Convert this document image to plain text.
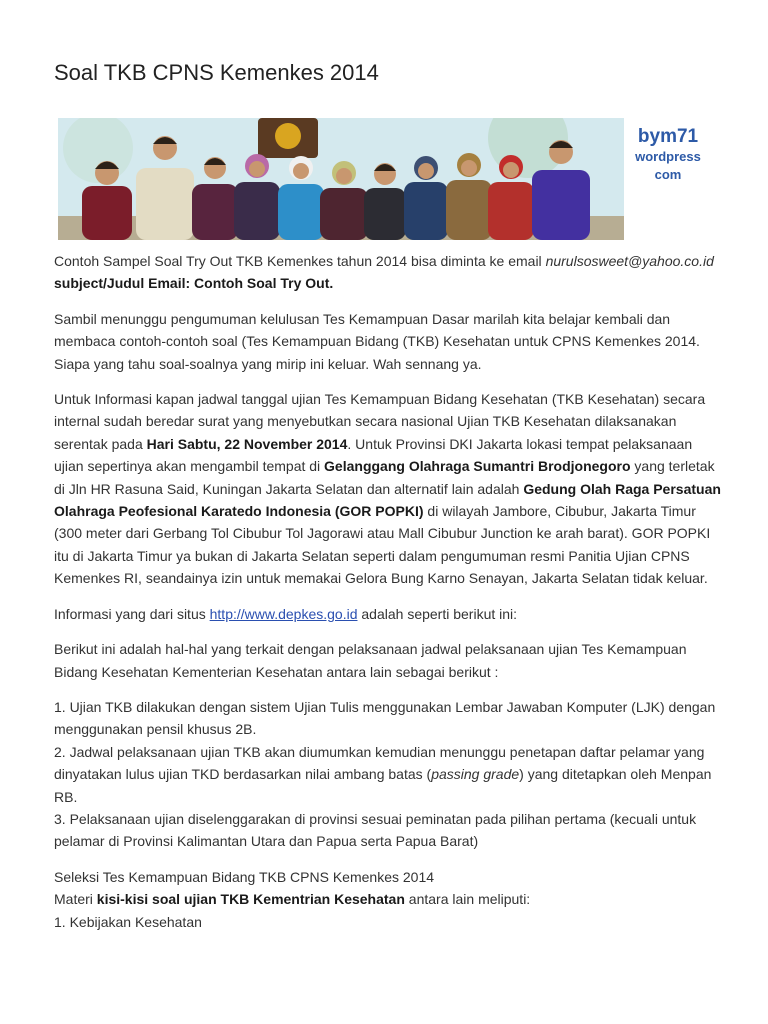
Soal TKB CPNS Kemenkes 2014
bym71
wordpress
com

Contoh Sampel Soal Try Out TKB Kemenkes tahun 2014 bisa diminta ke email nurulsosweet@yahoo.co.id subject/Judul Email: Contoh Soal Try Out.

Sambil menunggu pengumuman kelulusan Tes Kemampuan Dasar marilah kita belajar kembali dan membaca contoh-contoh soal (Tes Kemampuan Bidang (TKB) Kesehatan untuk CPNS Kemenkes 2014. Siapa yang tahu soal-soalnya yang mirip ini keluar. Wah sennang ya.

Untuk Informasi kapan jadwal tanggal ujian Tes Kemampuan Bidang Kesehatan (TKB Kesehatan) secara internal sudah beredar surat yang menyebutkan secara nasional Ujian TKB Kesehatan dilaksanakan serentak pada Hari Sabtu, 22 November 2014. Untuk Provinsi DKI Jakarta lokasi tempat pelaksanaan ujian sepertinya akan mengambil tempat di Gelanggang Olahraga Sumantri Brodjonegoro yang terletak di Jln HR Rasuna Said, Kuningan Jakarta Selatan dan alternatif lain adalah Gedung Olah Raga Persatuan Olahraga Peofesional Karatedo Indonesia (GOR POPKI) di wilayah Jambore, Cibubur, Jakarta Timur (300 meter dari Gerbang Tol Cibubur Tol Jagorawi atau Mall Cibubur Junction ke arah barat). GOR POPKI itu di Jakarta Timur ya bukan di Jakarta Selatan seperti dalam pengumuman resmi Panitia Ujian CPNS Kemenkes RI, seandainya izin untuk memakai Gelora Bung Karno Senayan, Jakarta Selatan tidak keluar.

Informasi yang dari situs http://www.depkes.go.id adalah seperti berikut ini:

Berikut ini adalah hal-hal yang terkait dengan pelaksanaan jadwal pelaksanaan ujian Tes Kemampuan Bidang Kesehatan Kementerian Kesehatan antara lain sebagai berikut :

1. Ujian TKB dilakukan dengan sistem Ujian Tulis menggunakan Lembar Jawaban Komputer (LJK) dengan menggunakan pensil khusus 2B.
2. Jadwal pelaksanaan ujian TKB akan diumumkan kemudian menunggu penetapan daftar pelamar yang dinyatakan lulus ujian TKD berdasarkan nilai ambang batas (passing grade) yang ditetapkan oleh Menpan RB.
3. Pelaksanaan ujian diselenggarakan di provinsi sesuai peminatan pada pilihan pertama (kecuali untuk pelamar di Provinsi Kalimantan Utara dan Papua serta Papua Barat)

Seleksi Tes Kemampuan Bidang TKB CPNS Kemenkes 2014
Materi kisi-kisi soal ujian TKB Kementrian Kesehatan antara lain meliputi:
1. Kebijakan Kesehatan
